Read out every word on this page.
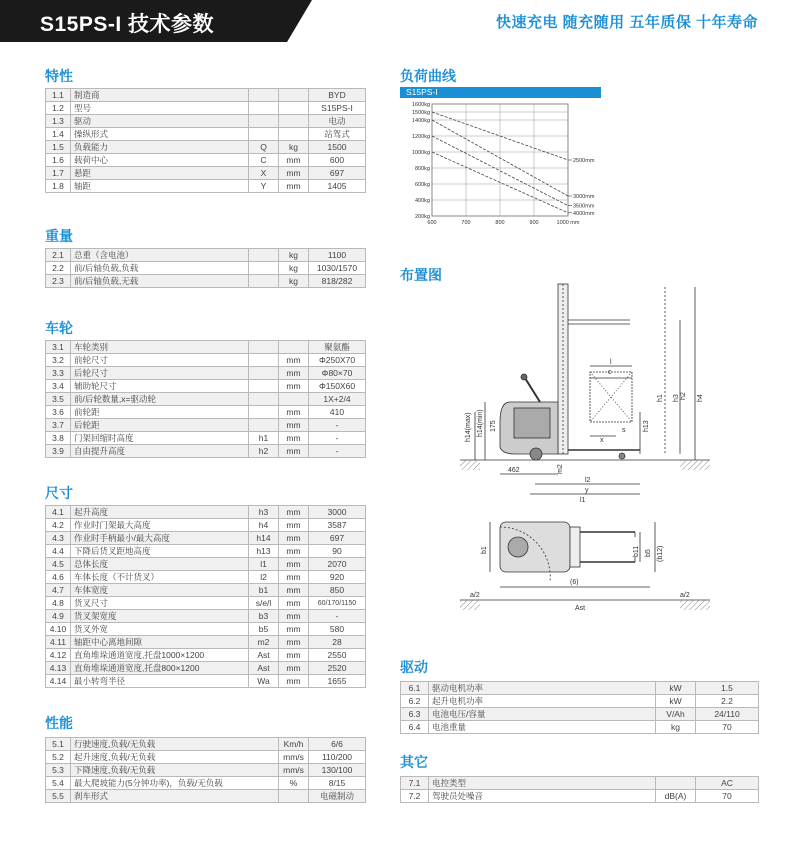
S15PS-I 技术参数	快速充电 随充随用 五年质保 十年寿命
特性
重量
车轮
尺寸
性能
负荷曲线
布置图
驱动
其它
1.1	制造商			BYD
1.2	型号			S15PS-I
1.3	驱动			电动
1.4	操纵形式			站驾式
1.5	负载能力	Q	kg	1500
1.6	载荷中心	C	mm	600
1.7	悬距	X	mm	697
1.8	轴距	Y	mm	1405
2.1	总重（含电池）		kg	1100
2.2	前/后轴负载,负载		kg	1030/1570
2.3	前/后轴负载,无载		kg	818/282
3.1	车轮类别			聚氨酯
3.2	前轮尺寸		mm	Φ250X70
3.3	后轮尺寸		mm	Φ80×70
3.4	辅助轮尺寸		mm	Φ150X60
3.5	前/后轮数量,x=驱动轮			1X+2/4
3.6	前轮距		mm	410
3.7	后轮距		mm	-
3.8	门架回缩时高度	h1	mm	-
3.9	自由提升高度	h2	mm	-
4.1	起升高度	h3	mm	3000
4.2	作业时门架最大高度	h4	mm	3587
4.3	作业时手柄最小/最大高度	h14	mm	697
4.4	下降后货叉距地高度	h13	mm	90
4.5	总体长度	l1	mm	2070
4.6	车体长度（不计货叉）	l2	mm	920
4.7	车体宽度	b1	mm	850
4.8	货叉尺寸	s/e/l	mm	60/170/1150
4.9	货叉架宽度	b3	mm	-
4.10	货叉外宽	b5	mm	580
4.11	轴距中心离地间隙	m2	mm	28
4.12	直角堆垛通道宽度,托盘1000×1200	Ast	mm	2550
4.13	直角堆垛通道宽度,托盘800×1200	Ast	mm	2520
4.14	最小转弯半径	Wa	mm	1655
5.1	行驶速度,负载/无负载	Km/h	6/6
5.2	起升速度,负载/无负载	mm/s	110/200
5.3	下降速度,负载/无负载	mm/s	130/100
5.4	最大爬坡能力(5分钟功率)，负载/无负载	%	8/15
5.5	刹车形式		电磁制动
6.1	驱动电机功率	kW	1.5
6.2	起升电机功率	kW	2.2
6.3	电池电压/容量	V/Ah	24/110
6.4	电池重量	kg	70
7.1	电控类型		AC
7.2	驾驶员处噪音	dB(A)	70
S15PS-I
200kg
400kg
600kg
800kg
1000kg
1200kg
1400kg
1500kg
1600kg
600	700	800	900	1000 mm
2500mm
3000mm
3500mm
4000mm
h14(max) h14(min) 175	h13
s
x
c
l
462
l2
y
l1
m2
h1 h3 h2 h4
b1	b11 b5 (b12)
a/2
(6)
Ast
a/2
